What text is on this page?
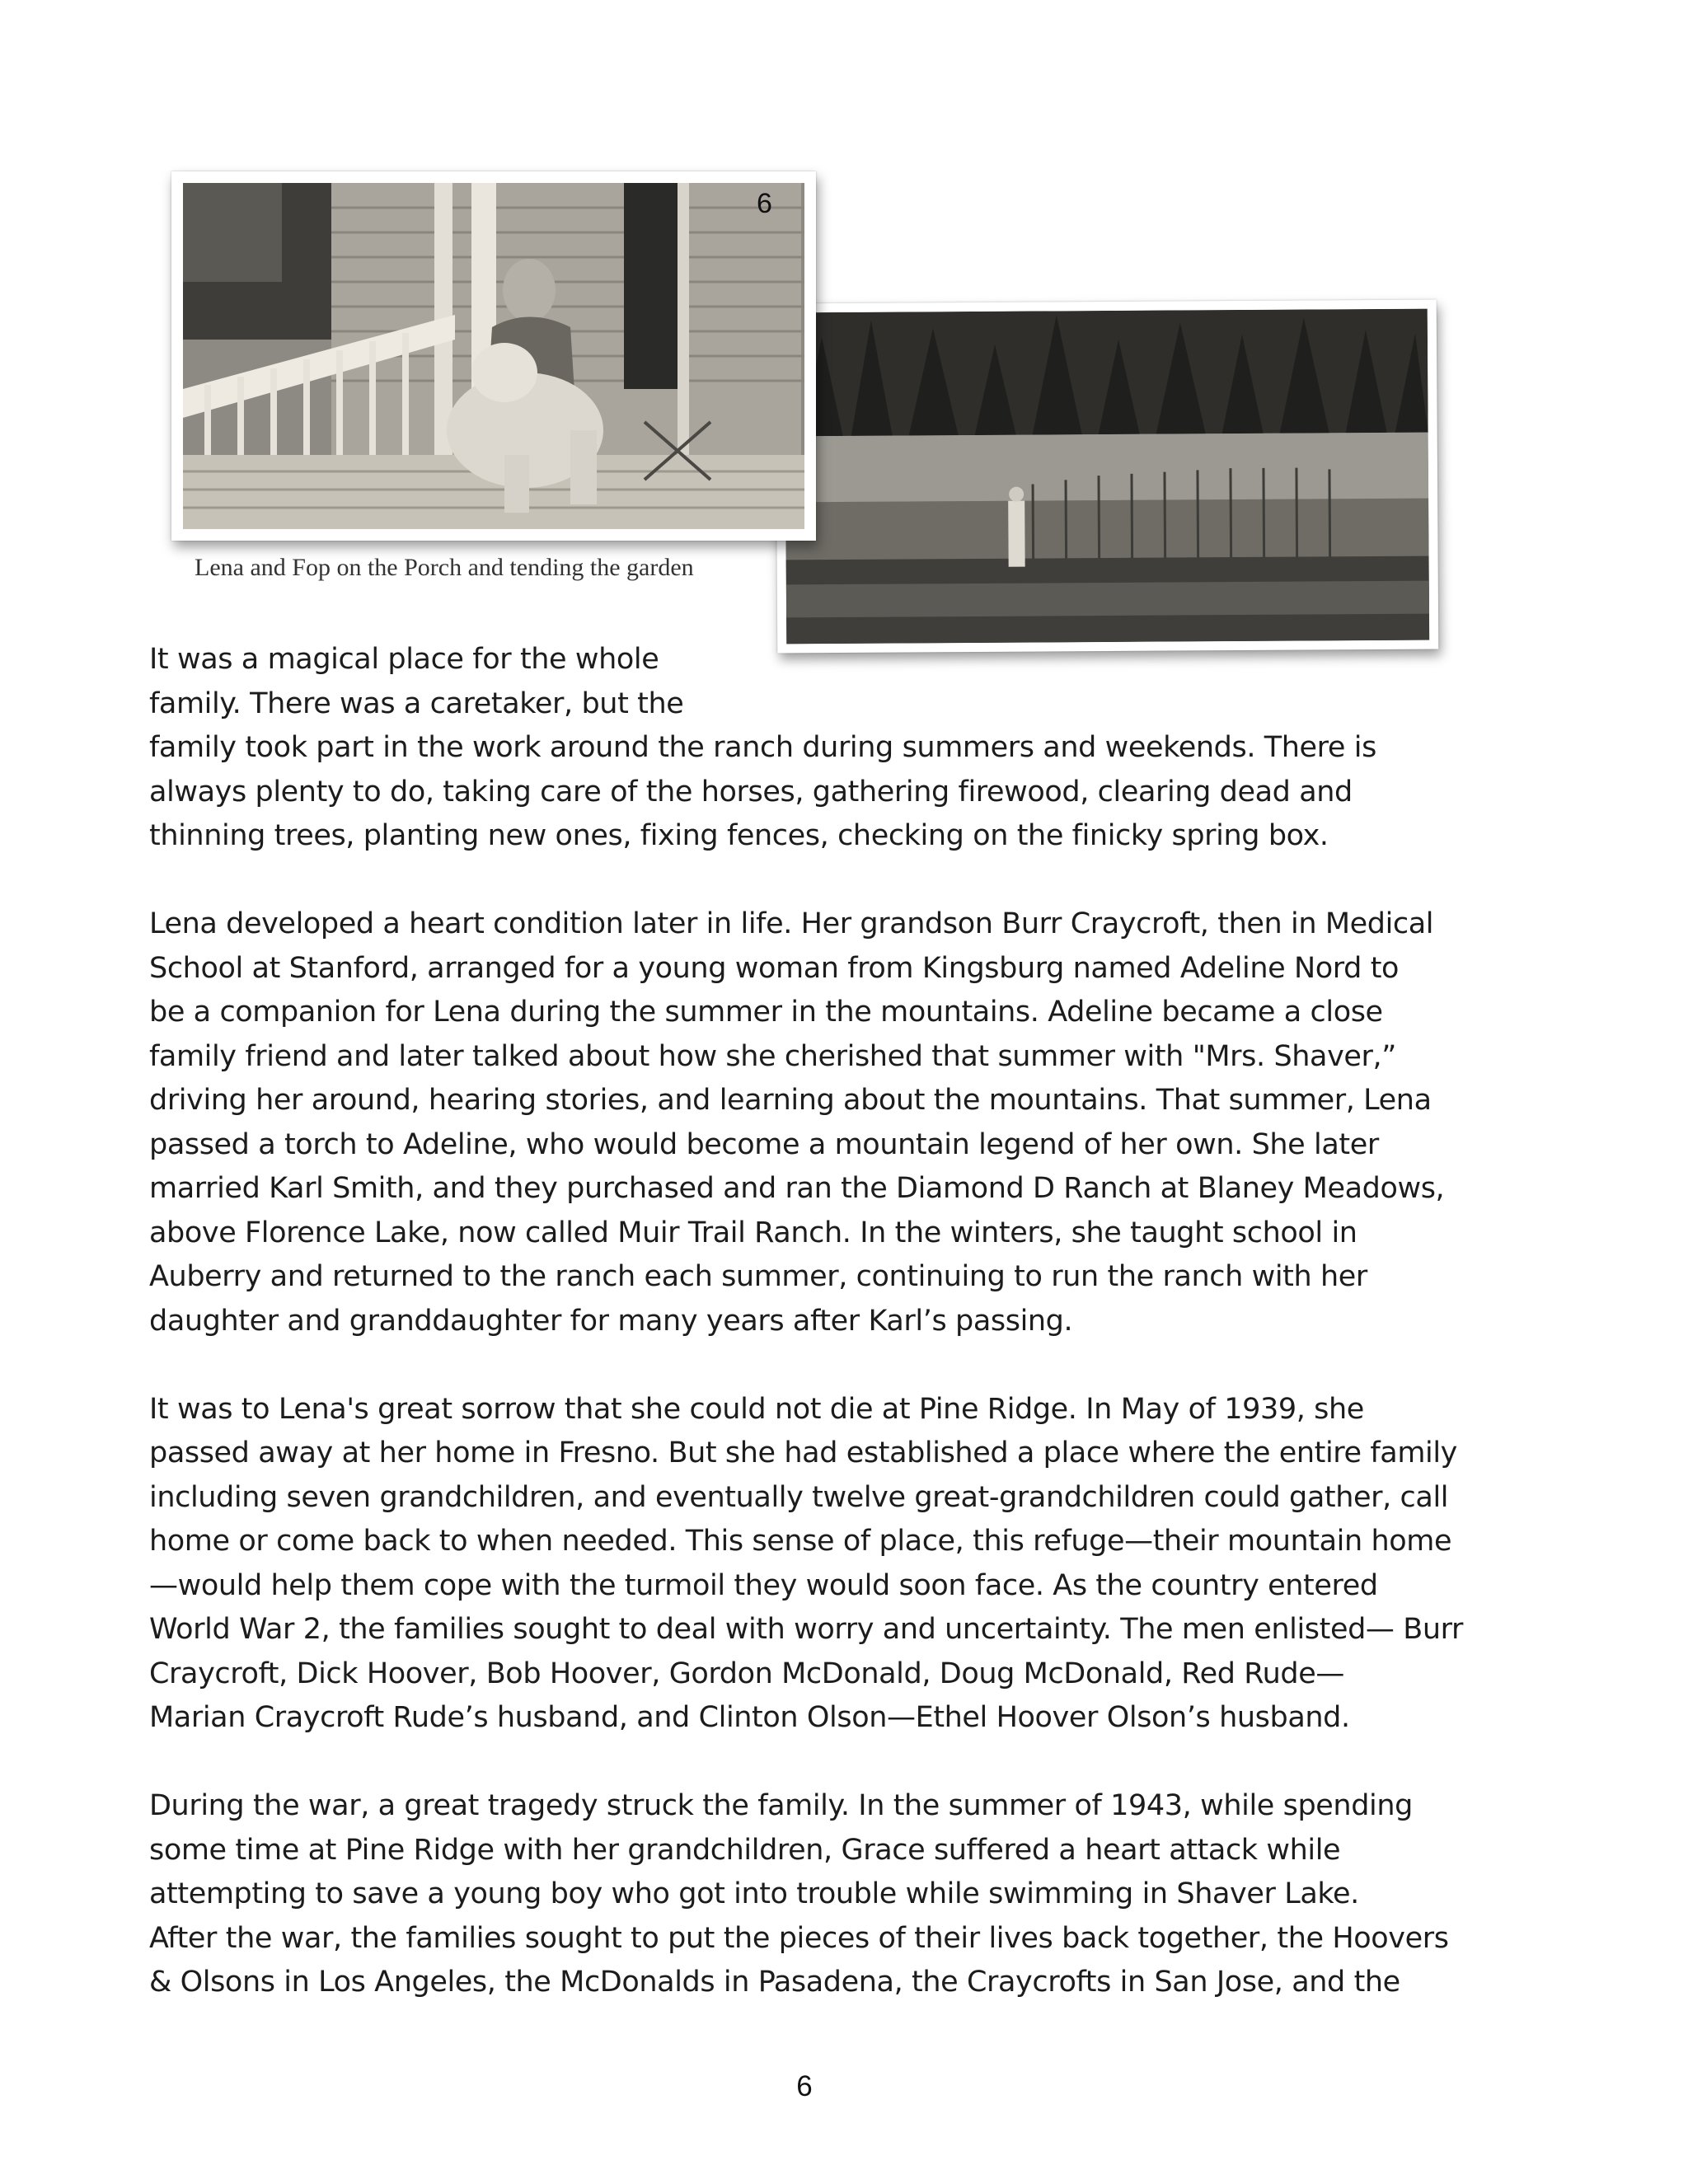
6
Lena and Fop on the Porch and tending the garden

It was a magical place for the whole
family. There was a caretaker, but the
family took part in the work around the ranch during summers and weekends. There is
always plenty to do, taking care of the horses, gathering firewood, clearing dead and
thinning trees, planting new ones, fixing fences, checking on the finicky spring box.

Lena developed a heart condition later in life. Her grandson Burr Craycroft, then in Medical
School at Stanford, arranged for a young woman from Kingsburg named Adeline Nord to
be a companion for Lena during the summer in the mountains. Adeline became a close
family friend and later talked about how she cherished that summer with "Mrs. Shaver,”
driving her around, hearing stories, and learning about the mountains. That summer, Lena
passed a torch to Adeline, who would become a mountain legend of her own. She later
married Karl Smith, and they purchased and ran the Diamond D Ranch at Blaney Meadows,
above Florence Lake, now called Muir Trail Ranch. In the winters, she taught school in
Auberry and returned to the ranch each summer, continuing to run the ranch with her
daughter and granddaughter for many years after Karl’s passing.

It was to Lena's great sorrow that she could not die at Pine Ridge. In May of 1939, she
passed away at her home in Fresno. But she had established a place where the entire family
including seven grandchildren, and eventually twelve great-grandchildren could gather, call
home or come back to when needed. This sense of place, this refuge—their mountain home
—would help them cope with the turmoil they would soon face. As the country entered
World War 2, the families sought to deal with worry and uncertainty. The men enlisted— Burr
Craycroft, Dick Hoover, Bob Hoover, Gordon McDonald, Doug McDonald, Red Rude—
Marian Craycroft Rude’s husband, and Clinton Olson—Ethel Hoover Olson’s husband.

During the war, a great tragedy struck the family. In the summer of 1943, while spending
some time at Pine Ridge with her grandchildren, Grace suffered a heart attack while
attempting to save a young boy who got into trouble while swimming in Shaver Lake.
After the war, the families sought to put the pieces of their lives back together, the Hoovers
& Olsons in Los Angeles, the McDonalds in Pasadena, the Craycrofts in San Jose, and the

6
